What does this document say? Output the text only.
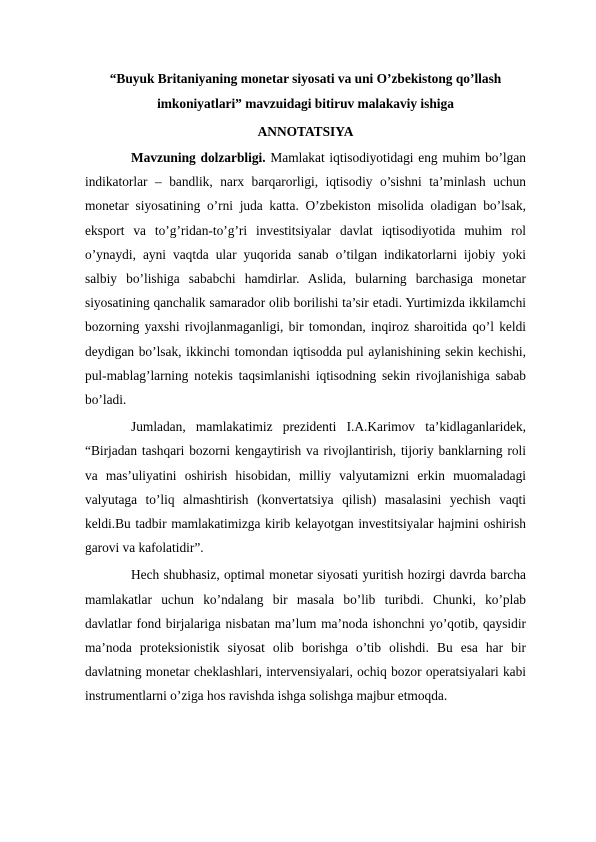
“Buyuk Britaniyaning monetar siyosati va uni O’zbekistong qo’llash imkoniyatlari” mavzuidagi bitiruv malakaviy ishiga

ANNOTATSIYA

Mavzuning dolzarbligi. Mamlakat iqtisodiyotidagi eng muhim bo’lgan indikatorlar – bandlik, narx barqarorligi, iqtisodiy o’sishni ta’minlash uchun monetar siyosatining o’rni juda katta. O’zbekiston misolida oladigan bo’lsak, eksport va to’g’ridan-to’g’ri investitsiyalar davlat iqtisodiyotida muhim rol o’ynaydi, ayni vaqtda ular yuqorida sanab o’tilgan indikatorlarni ijobiy yoki salbiy bo’lishiga sababchi hamdirlar. Aslida, bularning barchasiga monetar siyosatining qanchalik samarador olib borilishi ta’sir etadi. Yurtimizda ikkilamchi bozorning yaxshi rivojlanmaganligi, bir tomondan, inqiroz sharoitida qo’l keldi deydigan bo’lsak, ikkinchi tomondan iqtisodda pul aylanishining sekin kechishi, pul-mablag’larning notekis taqsimlanishi iqtisodning sekin rivojlanishiga sabab bo’ladi.

Jumladan, mamlakatimiz prezidenti I.A.Karimov ta’kidlaganlaridek, “Birjadan tashqari bozorni kengaytirish va rivojlantirish, tijoriy banklarning roli va mas’uliyatini oshirish hisobidan, milliy valyutamizni erkin muomaladagi valyutaga to’liq almashtirish (konvertatsiya qilish) masalasini yechish vaqti keldi.Bu tadbir mamlakatimizga kirib kelayotgan investitsiyalar hajmini oshirish garovi va kafolatidir”.

Hech shubhasiz, optimal monetar siyosati yuritish hozirgi davrda barcha mamlakatlar uchun ko’ndalang bir masala bo’lib turibdi. Chunki, ko’plab davlatlar fond birjalariga nisbatan ma’lum ma’noda ishonchni yo’qotib, qaysidir ma’noda proteksionistik siyosat olib borishga o’tib olishdi. Bu esa har bir davlatning monetar cheklashlari, intervensiyalari, ochiq bozor operatsiyalari kabi instrumentlarni o’ziga hos ravishda ishga solishga majbur etmoqda.
